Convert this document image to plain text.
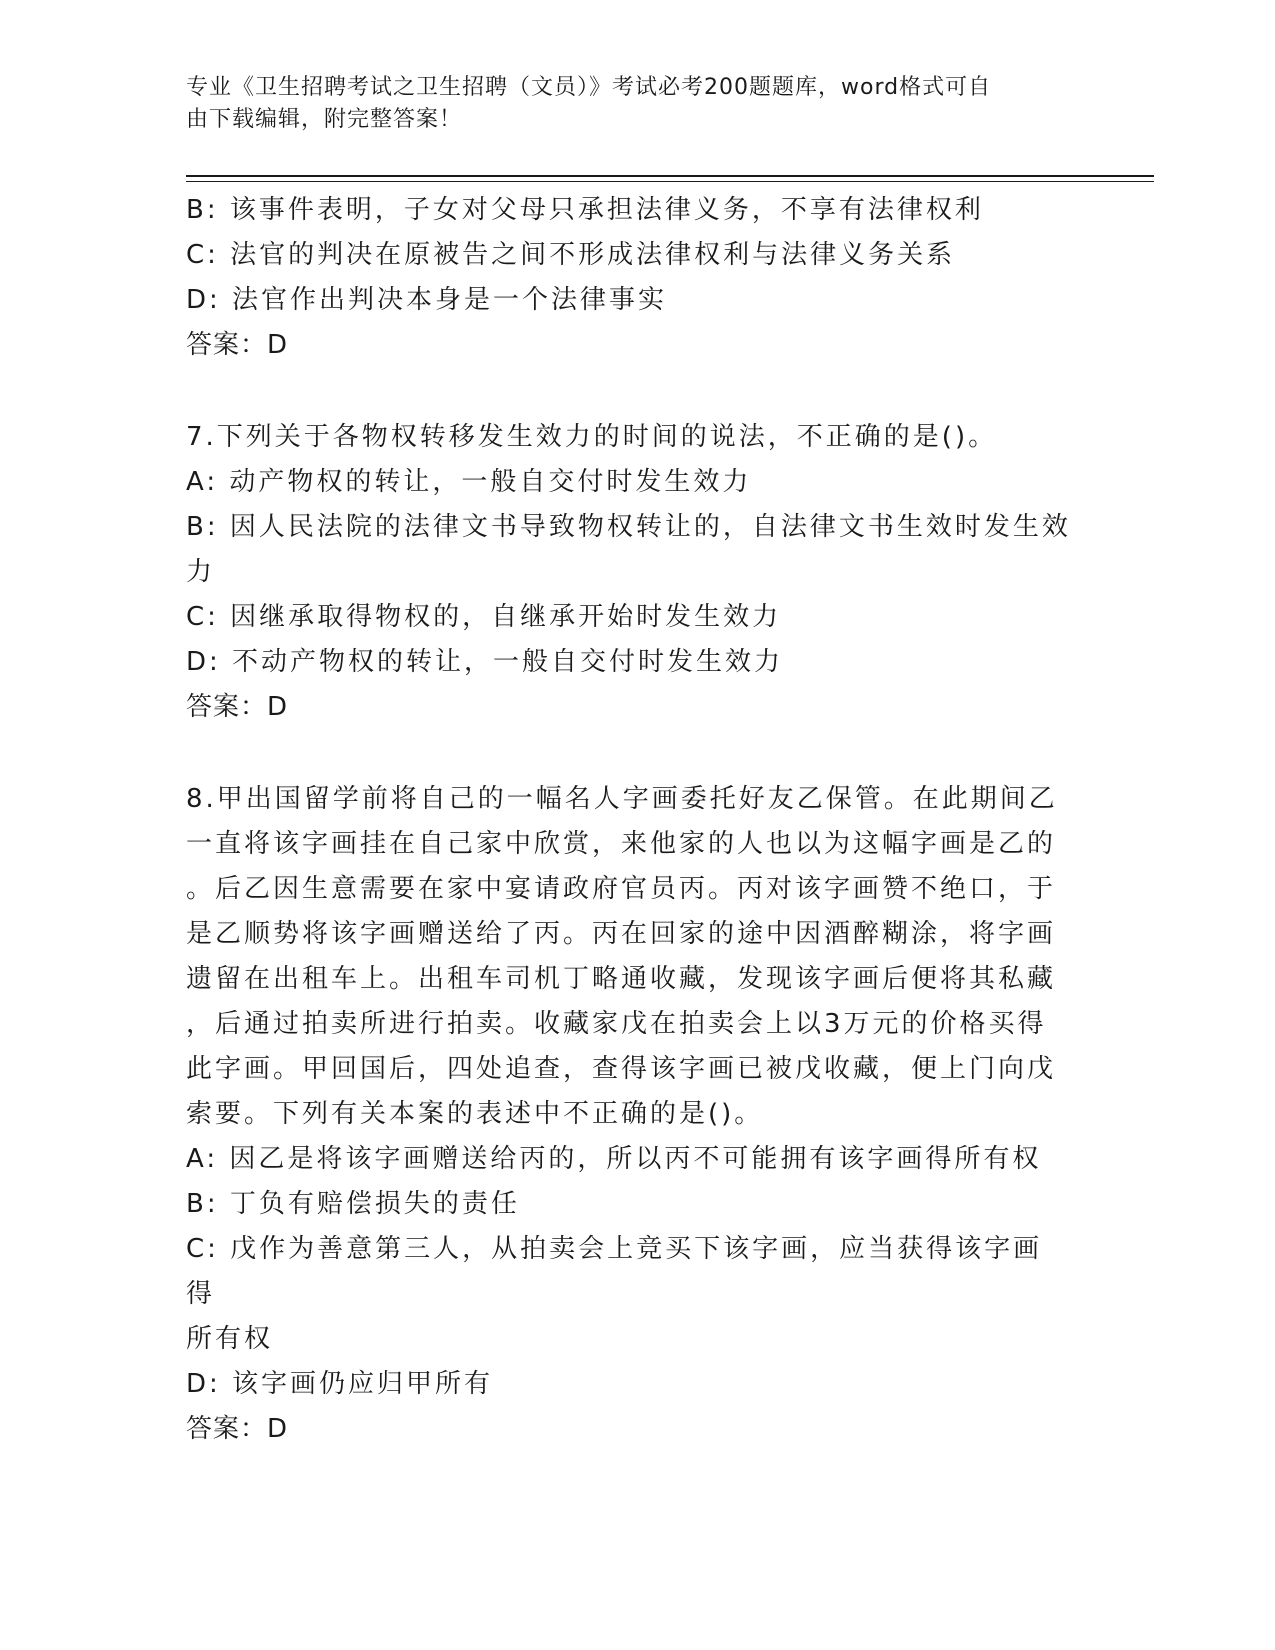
专业《卫生招聘考试之卫生招聘（文员）》考试必考200题题库，word格式可自
由下载编辑，附完整答案！
B: 该事件表明，子女对父母只承担法律义务，不享有法律权利
C: 法官的判决在原被告之间不形成法律权利与法律义务关系
D: 法官作出判决本身是一个法律事实
答案：D
7.下列关于各物权转移发生效力的时间的说法，不正确的是()。
A: 动产物权的转让，一般自交付时发生效力
B: 因人民法院的法律文书导致物权转让的，自法律文书生效时发生效
力
C: 因继承取得物权的，自继承开始时发生效力
D: 不动产物权的转让，一般自交付时发生效力
答案：D
8.甲出国留学前将自己的一幅名人字画委托好友乙保管。在此期间乙
一直将该字画挂在自己家中欣赏，来他家的人也以为这幅字画是乙的
。后乙因生意需要在家中宴请政府官员丙。丙对该字画赞不绝口，于
是乙顺势将该字画赠送给了丙。丙在回家的途中因酒醉糊涂，将字画
遗留在出租车上。出租车司机丁略通收藏，发现该字画后便将其私藏
，后通过拍卖所进行拍卖。收藏家戊在拍卖会上以3万元的价格买得
此字画。甲回国后，四处追查，查得该字画已被戊收藏，便上门向戊
索要。下列有关本案的表述中不正确的是()。
A: 因乙是将该字画赠送给丙的，所以丙不可能拥有该字画得所有权
B: 丁负有赔偿损失的责任
C: 戊作为善意第三人，从拍卖会上竞买下该字画，应当获得该字画得
所有权
D: 该字画仍应归甲所有
答案：D
